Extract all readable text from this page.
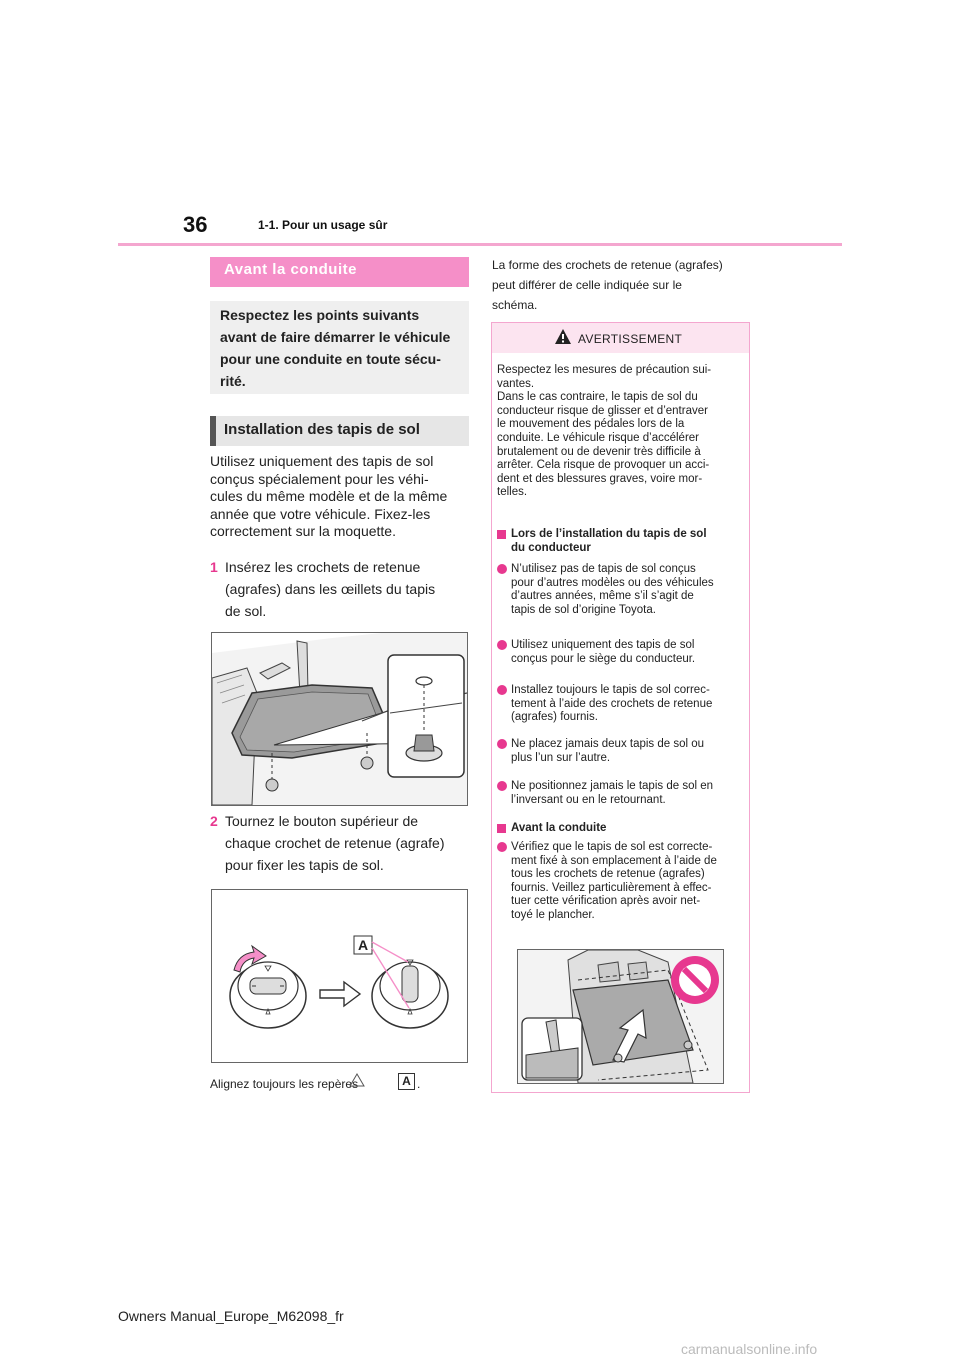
36	1-1. Pour un usage sûr
Avant la conduite

Respectez les points suivants
avant de faire démarrer le véhicule
pour une conduite en toute sécu-
rité.

Installation des tapis de sol

Utilisez uniquement des tapis de sol
conçus spécialement pour les véhi-
cules du même modèle et de la même
année que votre véhicule. Fixez-les
correctement sur la moquette.

1 Insérez les crochets de retenue
(agrafes) dans les œillets du tapis
de sol.
2 Tournez le bouton supérieur de
chaque crochet de retenue (agrafe)
pour fixer les tapis de sol.
A
Alignez toujours les repères	A .

La forme des crochets de retenue (agrafes)
peut différer de celle indiquée sur le
schéma.

AVERTISSEMENT

Respectez les mesures de précaution sui-
vantes.
Dans le cas contraire, le tapis de sol du
conducteur risque de glisser et d’entraver
le mouvement des pédales lors de la
conduite. Le véhicule risque d’accélérer
brutalement ou de devenir très difficile à
arrêter. Cela risque de provoquer un acci-
dent et des blessures graves, voire mor-
telles.

Lors de l’installation du tapis de sol
du conducteur
N’utilisez pas de tapis de sol conçus
pour d’autres modèles ou des véhicules
d’autres années, même s’il s’agit de
tapis de sol d’origine Toyota.
Utilisez uniquement des tapis de sol
conçus pour le siège du conducteur.
Installez toujours le tapis de sol correc-
tement à l’aide des crochets de retenue
(agrafes) fournis.
Ne placez jamais deux tapis de sol ou
plus l’un sur l’autre.
Ne positionnez jamais le tapis de sol en
l’inversant ou en le retournant.
Avant la conduite
Vérifiez que le tapis de sol est correcte-
ment fixé à son emplacement à l’aide de
tous les crochets de retenue (agrafes)
fournis. Veillez particulièrement à effec-
tuer cette vérification après avoir net-
toyé le plancher.
Owners Manual_Europe_M62098_fr
carmanualsonline.info
